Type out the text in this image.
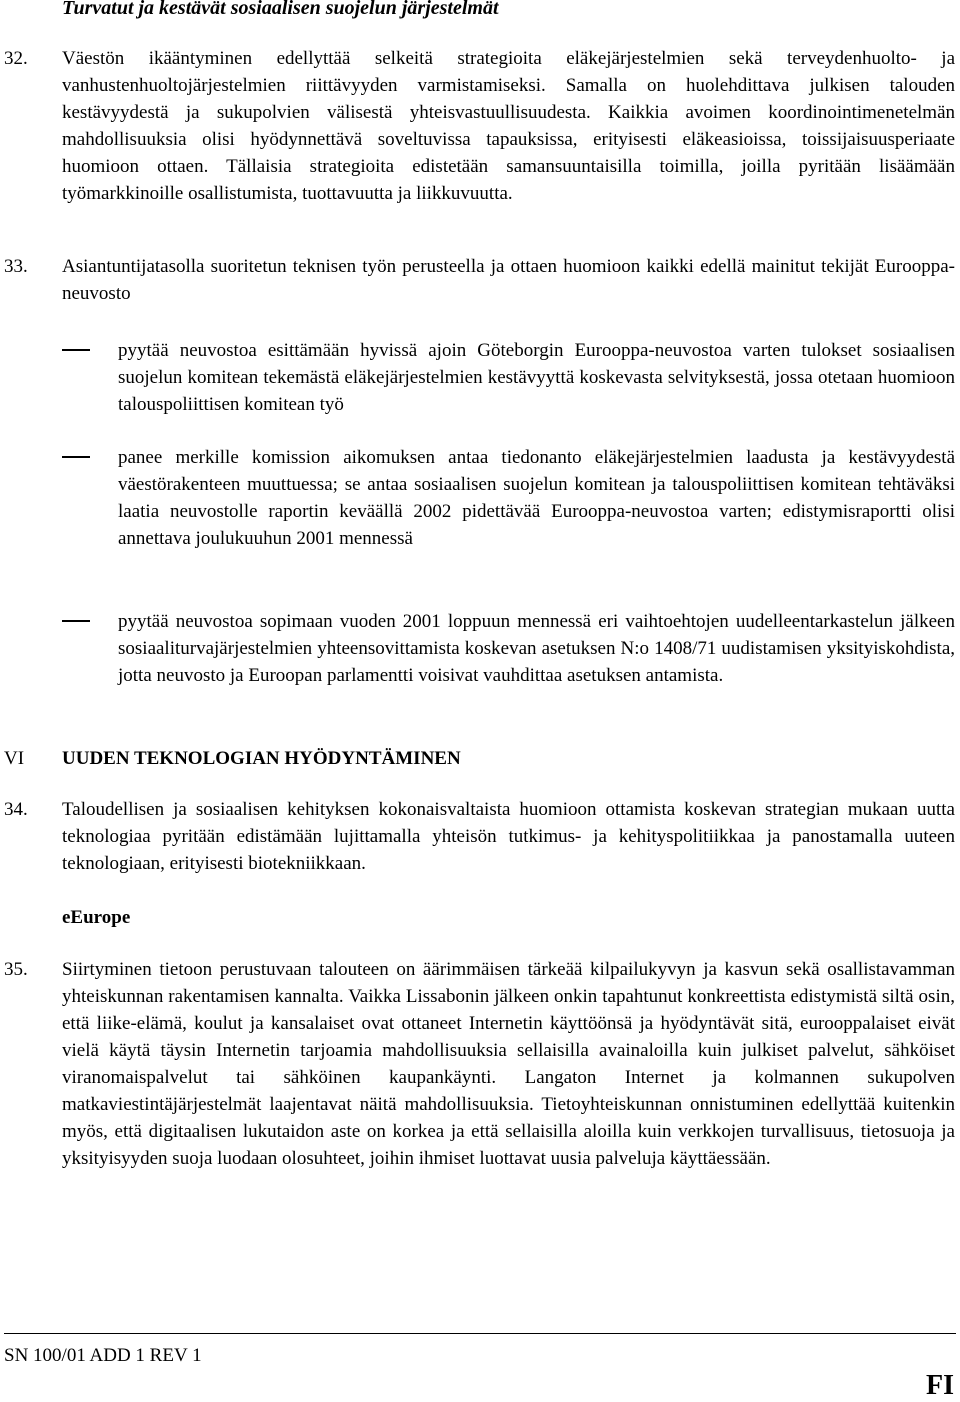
Turvatut ja kestävät sosiaalisen suojelun järjestelmät
32.	Väestön ikääntyminen edellyttää selkeitä strategioita eläkejärjestelmien sekä terveydenhuolto- ja vanhustenhuoltojärjestelmien riittävyyden varmistamiseksi. Samalla on huolehdittava julkisen talouden kestävyydestä ja sukupolvien välisestä yhteisvastuullisuudesta. Kaikkia avoimen koordinointimenetelmän mahdollisuuksia olisi hyödynnettävä soveltuvissa tapauksissa, erityisesti eläkeasioissa, toissijaisuusperiaate huomioon ottaen. Tällaisia strategioita edistetään samansuuntaisilla toimilla, joilla pyritään lisäämään työmarkkinoille osallistumista, tuottavuutta ja liikkuvuutta.
33.	Asiantuntijatasolla suoritetun teknisen työn perusteella ja ottaen huomioon kaikki edellä mainitut tekijät Eurooppa-neuvosto
pyytää neuvostoa esittämään hyvissä ajoin Göteborgin Eurooppa-neuvostoa varten tulokset sosiaalisen suojelun komitean tekemästä eläkejärjestelmien kestävyyttä koskevasta selvityksestä, jossa otetaan huomioon talouspoliittisen komitean työ
panee merkille komission aikomuksen antaa tiedonanto eläkejärjestelmien laadusta ja kestävyydestä väestörakenteen muuttuessa; se antaa sosiaalisen suojelun komitean ja talouspoliittisen komitean tehtäväksi laatia neuvostolle raportin keväällä 2002 pidettävää Eurooppa-neuvostoa varten; edistymisraportti olisi annettava joulukuuhun 2001 mennessä
pyytää neuvostoa sopimaan vuoden 2001 loppuun mennessä eri vaihtoehtojen uudelleentarkastelun jälkeen sosiaaliturvajärjestelmien yhteensovittamista koskevan asetuksen N:o 1408/71 uudistamisen yksityiskohdista, jotta neuvosto ja Euroopan parlamentti voisivat vauhdittaa asetuksen antamista.
VI	UUDEN TEKNOLOGIAN HYÖDYNTÄMINEN
34.	Taloudellisen ja sosiaalisen kehityksen kokonaisvaltaista huomioon ottamista koskevan strategian mukaan uutta teknologiaa pyritään edistämään lujittamalla yhteisön tutkimus- ja kehityspolitiikkaa ja panostamalla uuteen teknologiaan, erityisesti biotekniikkaan.
eEurope
35.	Siirtyminen tietoon perustuvaan talouteen on äärimmäisen tärkeää kilpailukyvyn ja kasvun sekä osallistavamman yhteiskunnan rakentamisen kannalta. Vaikka Lissabonin jälkeen onkin tapahtunut konkreettista edistymistä siltä osin, että liike-elämä, koulut ja kansalaiset ovat ottaneet Internetin käyttöönsä ja hyödyntävät sitä, eurooppalaiset eivät vielä käytä täysin Internetin tarjoamia mahdollisuuksia sellaisilla avainaloilla kuin julkiset palvelut, sähköiset viranomaispalvelut tai sähköinen kaupankäynti. Langaton Internet ja kolmannen sukupolven matkaviestintäjärjestelmät laajentavat näitä mahdollisuuksia. Tietoyhteiskunnan onnistuminen edellyttää kuitenkin myös, että digitaalisen lukutaidon aste on korkea ja että sellaisilla aloilla kuin verkkojen turvallisuus, tietosuoja ja yksityisyyden suoja luodaan olosuhteet, joihin ihmiset luottavat uusia palveluja käyttäessään.
SN 100/01 ADD 1 REV 1
FI
